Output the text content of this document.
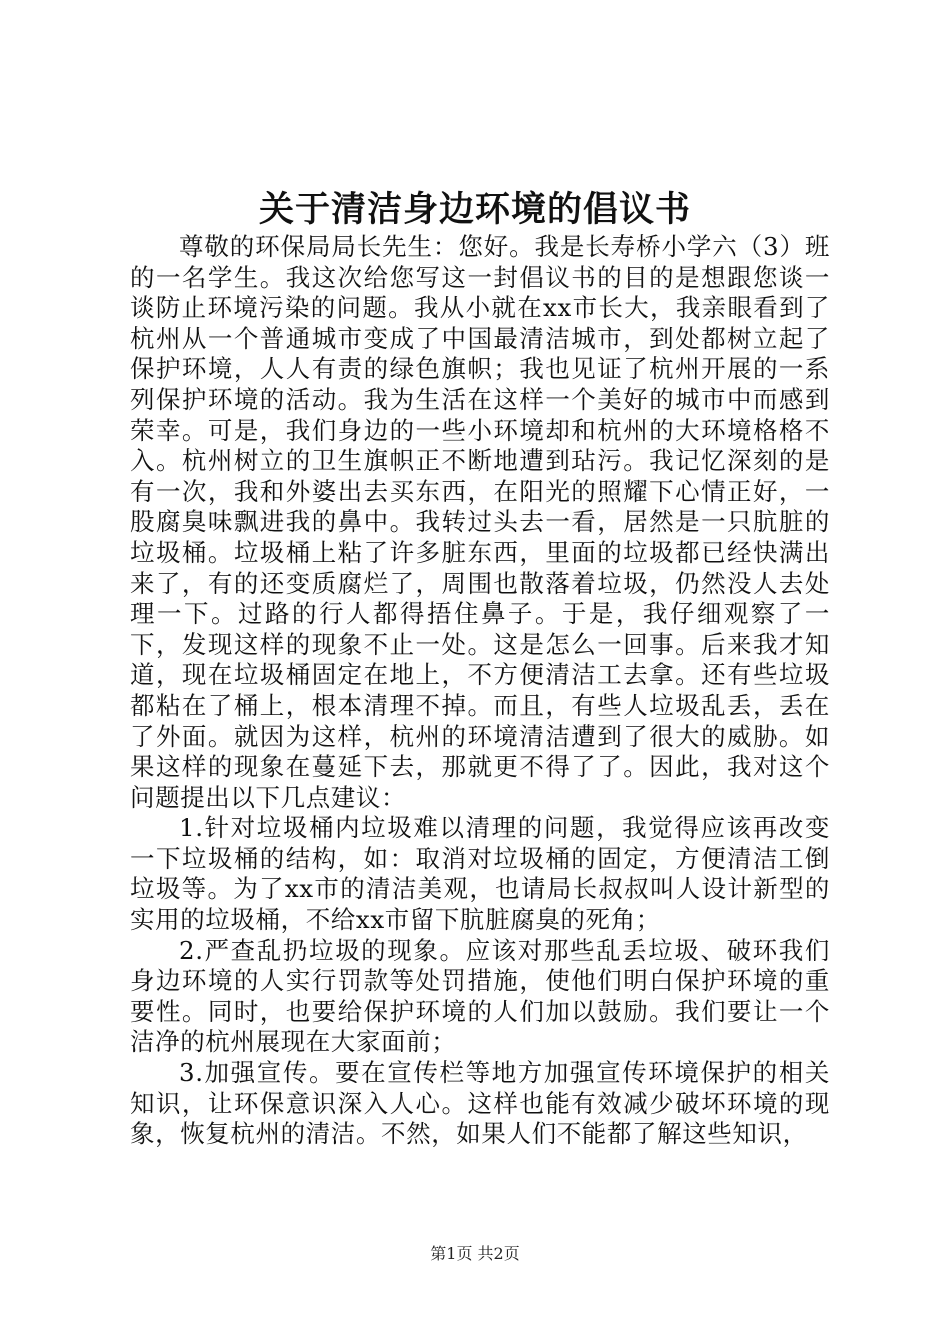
关于清洁身边环境的倡议书

尊敬的环保局局长先生：您好。我是长寿桥小学六（3）班的一名学生。我这次给您写这一封倡议书的目的是想跟您谈一谈防止环境污染的问题。我从小就在xx市长大，我亲眼看到了杭州从一个普通城市变成了中国最清洁城市，到处都树立起了保护环境，人人有责的绿色旗帜；我也见证了杭州开展的一系列保护环境的活动。我为生活在这样一个美好的城市中而感到荣幸。可是，我们身边的一些小环境却和杭州的大环境格格不入。杭州树立的卫生旗帜正不断地遭到玷污。我记忆深刻的是有一次，我和外婆出去买东西，在阳光的照耀下心情正好，一股腐臭味飘进我的鼻中。我转过头去一看，居然是一只肮脏的垃圾桶。垃圾桶上粘了许多脏东西，里面的垃圾都已经快满出来了，有的还变质腐烂了，周围也散落着垃圾，仍然没人去处理一下。过路的行人都得捂住鼻子。于是，我仔细观察了一下，发现这样的现象不止一处。这是怎么一回事。后来我才知道，现在垃圾桶固定在地上，不方便清洁工去拿。还有些垃圾都粘在了桶上，根本清理不掉。而且，有些人垃圾乱丢，丢在了外面。就因为这样，杭州的环境清洁遭到了很大的威胁。如果这样的现象在蔓延下去，那就更不得了了。因此，我对这个问题提出以下几点建议：

1.针对垃圾桶内垃圾难以清理的问题，我觉得应该再改变一下垃圾桶的结构，如：取消对垃圾桶的固定，方便清洁工倒垃圾等。为了xx市的清洁美观，也请局长叔叔叫人设计新型的实用的垃圾桶，不给xx市留下肮脏腐臭的死角；

2.严查乱扔垃圾的现象。应该对那些乱丢垃圾、破环我们身边环境的人实行罚款等处罚措施，使他们明白保护环境的重要性。同时，也要给保护环境的人们加以鼓励。我们要让一个洁净的杭州展现在大家面前；

3.加强宣传。要在宣传栏等地方加强宣传环境保护的相关知识，让环保意识深入人心。这样也能有效减少破坏环境的现象，恢复杭州的清洁。不然，如果人们不能都了解这些知识，

第1页 共2页
